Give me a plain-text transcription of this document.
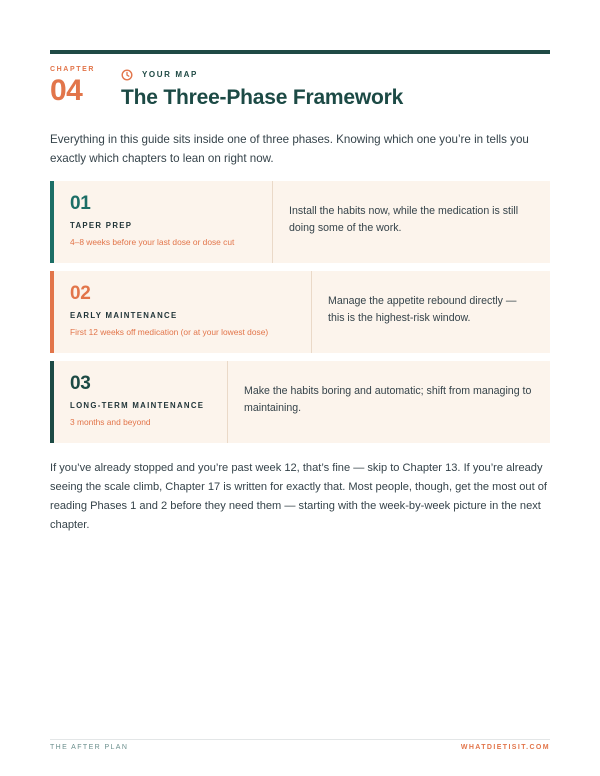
CHAPTER
04	YOUR MAP
The Three-Phase Framework

Everything in this guide sits inside one of three phases. Knowing which one you’re in tells you exactly which chapters to lean on right now.

01
TAPER PREP
4–8 weeks before your last dose or dose cut
Install the habits now, while the medication is still doing some of the work.
02
EARLY MAINTENANCE
First 12 weeks off medication (or at your lowest dose)
Manage the appetite rebound directly — this is the highest-risk window.
03
LONG-TERM MAINTENANCE
3 months and beyond
Make the habits boring and automatic; shift from managing to maintaining.

If you’ve already stopped and you’re past week 12, that’s fine — skip to Chapter 13. If you’re already seeing the scale climb, Chapter 17 is written for exactly that. Most people, though, get the most out of reading Phases 1 and 2 before they need them — starting with the week-by-week picture in the next chapter.

THE AFTER PLAN	WHATDIETISIT.COM
